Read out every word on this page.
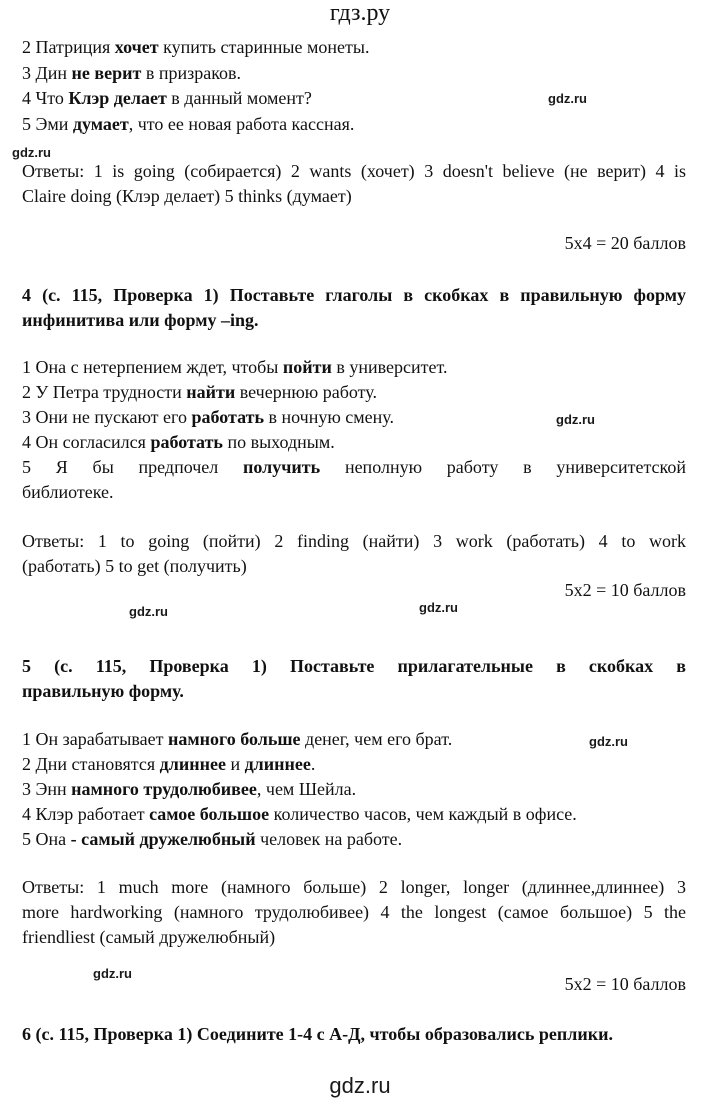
гдз.ру
2 Патриция хочет купить старинные монеты.
3 Дин не верит в призраков.
4 Что Клэр делает в данный момент?	gdz.ru
5 Эми думает, что ее новая работа кассная.
gdz.ru
Ответы: 1 is going (собирается) 2 wants (хочет) 3 doesn't believe (не верит) 4 is
Claire doing (Клэр делает) 5 thinks (думает)
5х4 = 20 баллов
4 (с. 115, Проверка 1) Поставьте глаголы в скобках в правильную форму
инфинитива или форму –ing.
1 Она с нетерпением ждет, чтобы пойти в университет.
2 У Петра трудности найти вечернюю работу.
3 Они не пускают его работать в ночную смену.	gdz.ru
4 Он согласился работать по выходным.
5 Я бы предпочел получить неполную работу в университетской
библиотеке.
Ответы: 1 to going (пойти) 2 finding (найти) 3 work (работать) 4 to work
(работать) 5 to get (получить)
5х2 = 10 баллов
gdz.ru	gdz.ru
5 (с. 115, Проверка 1) Поставьте прилагательные в скобках в
правильную форму.
1 Он зарабатывает намного больше денег, чем его брат.	gdz.ru
2 Дни становятся длиннее и длиннее.
3 Энн намного трудолюбивее, чем Шейла.
4 Клэр работает самое большое количество часов, чем каждый в офисе.
5 Она - самый дружелюбный человек на работе.
Ответы: 1 much more (намного больше) 2 longer, longer (длиннее,длиннее) 3
more hardworking (намного трудолюбивее) 4 the longest (самое большое) 5 the
friendliest (самый дружелюбный)
gdz.ru
5х2 = 10 баллов
6 (с. 115, Проверка 1) Соедините 1-4 с А-Д, чтобы образовались реплики.
gdz.ru
